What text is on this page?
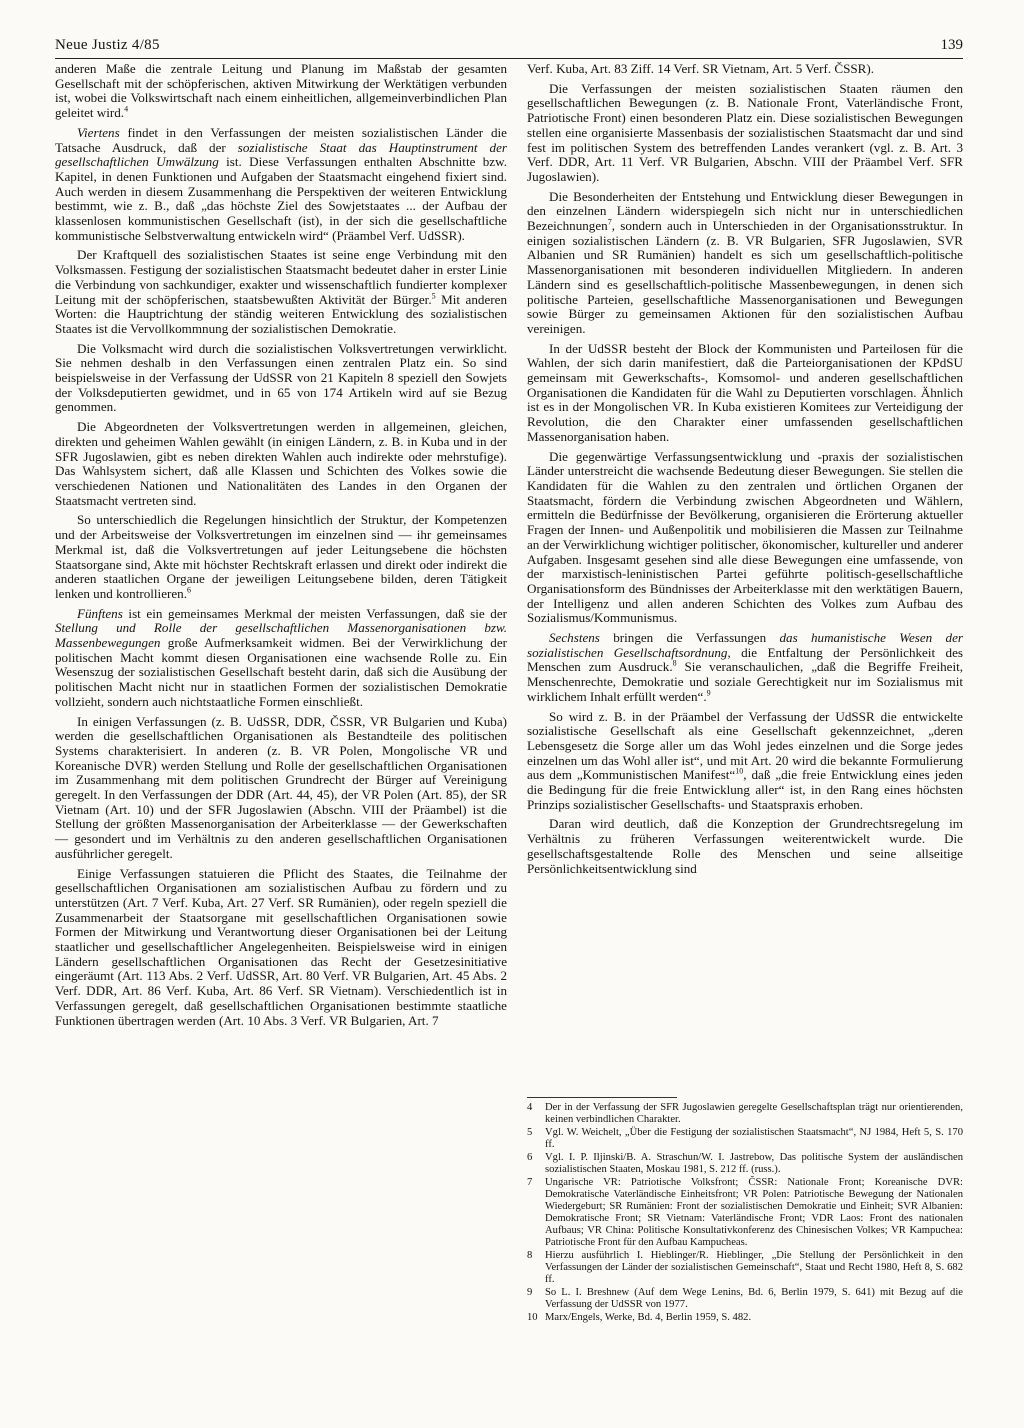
Neue Justiz 4/85	139

anderen Maße die zentrale Leitung und Planung im Maßstab der gesamten Gesellschaft mit der schöpferischen, aktiven Mitwirkung der Werktätigen verbunden ist, wobei die Volkswirtschaft nach einem einheitlichen, allgemeinverbindlichen Plan geleitet wird.$^4$

Viertens findet in den Verfassungen der meisten sozialistischen Länder die Tatsache Ausdruck, daß der sozialistische Staat das Hauptinstrument der gesellschaftlichen Umwälzung ist. Diese Verfassungen enthalten Abschnitte bzw. Kapitel, in denen Funktionen und Aufgaben der Staatsmacht eingehend fixiert sind. Auch werden in diesem Zusammenhang die Perspektiven der weiteren Entwicklung bestimmt, wie z. B., daß „das höchste Ziel des Sowjetstaates ... der Aufbau der klassenlosen kommunistischen Gesellschaft (ist), in der sich die gesellschaftliche kommunistische Selbstverwaltung entwickeln wird“ (Präambel Verf. UdSSR).

Der Kraftquell des sozialistischen Staates ist seine enge Verbindung mit den Volksmassen. Festigung der sozialistischen Staatsmacht bedeutet daher in erster Linie die Verbindung von sachkundiger, exakter und wissenschaftlich fundierter komplexer Leitung mit der schöpferischen, staatsbewußten Aktivität der Bürger.$^5$ Mit anderen Worten: die Hauptrichtung der ständig weiteren Entwicklung des sozialistischen Staates ist die Vervollkommnung der sozialistischen Demokratie.

Die Volksmacht wird durch die sozialistischen Volksvertretungen verwirklicht. Sie nehmen deshalb in den Verfassungen einen zentralen Platz ein. So sind beispielsweise in der Verfassung der UdSSR von 21 Kapiteln 8 speziell den Sowjets der Volksdeputierten gewidmet, und in 65 von 174 Artikeln wird auf sie Bezug genommen.

Die Abgeordneten der Volksvertretungen werden in allgemeinen, gleichen, direkten und geheimen Wahlen gewählt (in einigen Ländern, z. B. in Kuba und in der SFR Jugoslawien, gibt es neben direkten Wahlen auch indirekte oder mehrstufige). Das Wahlsystem sichert, daß alle Klassen und Schichten des Volkes sowie die verschiedenen Nationen und Nationalitäten des Landes in den Organen der Staatsmacht vertreten sind.

So unterschiedlich die Regelungen hinsichtlich der Struktur, der Kompetenzen und der Arbeitsweise der Volksvertretungen im einzelnen sind — ihr gemeinsames Merkmal ist, daß die Volksvertretungen auf jeder Leitungsebene die höchsten Staatsorgane sind, Akte mit höchster Rechtskraft erlassen und direkt oder indirekt die anderen staatlichen Organe der jeweiligen Leitungsebene bilden, deren Tätigkeit lenken und kontrollieren.$^6$

Fünftens ist ein gemeinsames Merkmal der meisten Verfassungen, daß sie der Stellung und Rolle der gesellschaftlichen Massenorganisationen bzw. Massenbewegungen große Aufmerksamkeit widmen. Bei der Verwirklichung der politischen Macht kommt diesen Organisationen eine wachsende Rolle zu. Ein Wesenszug der sozialistischen Gesellschaft besteht darin, daß sich die Ausübung der politischen Macht nicht nur in staatlichen Formen der sozialistischen Demokratie vollzieht, sondern auch nichtstaatliche Formen einschließt.

In einigen Verfassungen (z. B. UdSSR, DDR, ČSSR, VR Bulgarien und Kuba) werden die gesellschaftlichen Organisationen als Bestandteile des politischen Systems charakterisiert. In anderen (z. B. VR Polen, Mongolische VR und Koreanische DVR) werden Stellung und Rolle der gesellschaftlichen Organisationen im Zusammenhang mit dem politischen Grundrecht der Bürger auf Vereinigung geregelt. In den Verfassungen der DDR (Art. 44, 45), der VR Polen (Art. 85), der SR Vietnam (Art. 10) und der SFR Jugoslawien (Abschn. VIII der Präambel) ist die Stellung der größten Massenorganisation der Arbeiterklasse — der Gewerkschaften — gesondert und im Verhältnis zu den anderen gesellschaftlichen Organisationen ausführlicher geregelt.

Einige Verfassungen statuieren die Pflicht des Staates, die Teilnahme der gesellschaftlichen Organisationen am sozialistischen Aufbau zu fördern und zu unterstützen (Art. 7 Verf. Kuba, Art. 27 Verf. SR Rumänien), oder regeln speziell die Zusammenarbeit der Staatsorgane mit gesellschaftlichen Organisationen sowie Formen der Mitwirkung und Verantwortung dieser Organisationen bei der Leitung staatlicher und gesellschaftlicher Angelegenheiten. Beispielsweise wird in einigen Ländern gesellschaftlichen Organisationen das Recht der Gesetzesinitiative eingeräumt (Art. 113 Abs. 2 Verf. UdSSR, Art. 80 Verf. VR Bulgarien, Art. 45 Abs. 2 Verf. DDR, Art. 86 Verf. Kuba, Art. 86 Verf. SR Vietnam). Verschiedentlich ist in Verfassungen geregelt, daß gesellschaftlichen Organisationen bestimmte staatliche Funktionen übertragen werden (Art. 10 Abs. 3 Verf. VR Bulgarien, Art. 7

Verf. Kuba, Art. 83 Ziff. 14 Verf. SR Vietnam, Art. 5 Verf. ČSSR).

Die Verfassungen der meisten sozialistischen Staaten räumen den gesellschaftlichen Bewegungen (z. B. Nationale Front, Vaterländische Front, Patriotische Front) einen besonderen Platz ein. Diese sozialistischen Bewegungen stellen eine organisierte Massenbasis der sozialistischen Staatsmacht dar und sind fest im politischen System des betreffenden Landes verankert (vgl. z. B. Art. 3 Verf. DDR, Art. 11 Verf. VR Bulgarien, Abschn. VIII der Präambel Verf. SFR Jugoslawien).

Die Besonderheiten der Entstehung und Entwicklung dieser Bewegungen in den einzelnen Ländern widerspiegeln sich nicht nur in unterschiedlichen Bezeichnungen$^7$, sondern auch in Unterschieden in der Organisationsstruktur. In einigen sozialistischen Ländern (z. B. VR Bulgarien, SFR Jugoslawien, SVR Albanien und SR Rumänien) handelt es sich um gesellschaftlich-politische Massenorganisationen mit besonderen individuellen Mitgliedern. In anderen Ländern sind es gesellschaftlich-politische Massenbewegungen, in denen sich politische Parteien, gesellschaftliche Massenorganisationen und Bewegungen sowie Bürger zu gemeinsamen Aktionen für den sozialistischen Aufbau vereinigen.

In der UdSSR besteht der Block der Kommunisten und Parteilosen für die Wahlen, der sich darin manifestiert, daß die Parteiorganisationen der KPdSU gemeinsam mit Gewerkschafts-, Komsomol- und anderen gesellschaftlichen Organisationen die Kandidaten für die Wahl zu Deputierten vorschlagen. Ähnlich ist es in der Mongolischen VR. In Kuba existieren Komitees zur Verteidigung der Revolution, die den Charakter einer umfassenden gesellschaftlichen Massenorganisation haben.

Die gegenwärtige Verfassungsentwicklung und -praxis der sozialistischen Länder unterstreicht die wachsende Bedeutung dieser Bewegungen. Sie stellen die Kandidaten für die Wahlen zu den zentralen und örtlichen Organen der Staatsmacht, fördern die Verbindung zwischen Abgeordneten und Wählern, ermitteln die Bedürfnisse der Bevölkerung, organisieren die Erörterung aktueller Fragen der Innen- und Außenpolitik und mobilisieren die Massen zur Teilnahme an der Verwirklichung wichtiger politischer, ökonomischer, kultureller und anderer Aufgaben. Insgesamt gesehen sind alle diese Bewegungen eine umfassende, von der marxistisch-leninistischen Partei geführte politisch-gesellschaftliche Organisationsform des Bündnisses der Arbeiterklasse mit den werktätigen Bauern, der Intelligenz und allen anderen Schichten des Volkes zum Aufbau des Sozialismus/Kommunismus.

Sechstens bringen die Verfassungen das humanistische Wesen der sozialistischen Gesellschaftsordnung, die Entfaltung der Persönlichkeit des Menschen zum Ausdruck.$^8$ Sie veranschaulichen, „daß die Begriffe Freiheit, Menschenrechte, Demokratie und soziale Gerechtigkeit nur im Sozialismus mit wirklichem Inhalt erfüllt werden“.$^9$

So wird z. B. in der Präambel der Verfassung der UdSSR die entwickelte sozialistische Gesellschaft als eine Gesellschaft gekennzeichnet, „deren Lebensgesetz die Sorge aller um das Wohl jedes einzelnen und die Sorge jedes einzelnen um das Wohl aller ist“, und mit Art. 20 wird die bekannte Formulierung aus dem „Kommunistischen Manifest“$^{10}$, daß „die freie Entwicklung eines jeden die Bedingung für die freie Entwicklung aller“ ist, in den Rang eines höchsten Prinzips sozialistischer Gesellschafts- und Staatspraxis erhoben.

Daran wird deutlich, daß die Konzeption der Grundrechtsregelung im Verhältnis zu früheren Verfassungen weiterentwickelt wurde. Die gesellschaftsgestaltende Rolle des Menschen und seine allseitige Persönlichkeitsentwicklung sind

4 Der in der Verfassung der SFR Jugoslawien geregelte Gesellschaftsplan trägt nur orientierenden, keinen verbindlichen Charakter.
5 Vgl. W. Weichelt, „Über die Festigung der sozialistischen Staatsmacht“, NJ 1984, Heft 5, S. 170 ff.
6 Vgl. I. P. Iljinski/B. A. Straschun/W. I. Jastrebow, Das politische System der ausländischen sozialistischen Staaten, Moskau 1981, S. 212 ff. (russ.).
7 Ungarische VR: Patriotische Volksfront; ČSSR: Nationale Front; Koreanische DVR: Demokratische Vaterländische Einheitsfront; VR Polen: Patriotische Bewegung der Nationalen Wiedergeburt; SR Rumänien: Front der sozialistischen Demokratie und Einheit; SVR Albanien: Demokratische Front; SR Vietnam: Vaterländische Front; VDR Laos: Front des nationalen Aufbaus; VR China: Politische Konsultativkonferenz des Chinesischen Volkes; VR Kampuchea: Patriotische Front für den Aufbau Kampucheas.
8 Hierzu ausführlich I. Hieblinger/R. Hieblinger, „Die Stellung der Persönlichkeit in den Verfassungen der Länder der sozialistischen Gemeinschaft“, Staat und Recht 1980, Heft 8, S. 682 ff.
9 So L. I. Breshnew (Auf dem Wege Lenins, Bd. 6, Berlin 1979, S. 641) mit Bezug auf die Verfassung der UdSSR von 1977.
10 Marx/Engels, Werke, Bd. 4, Berlin 1959, S. 482.
